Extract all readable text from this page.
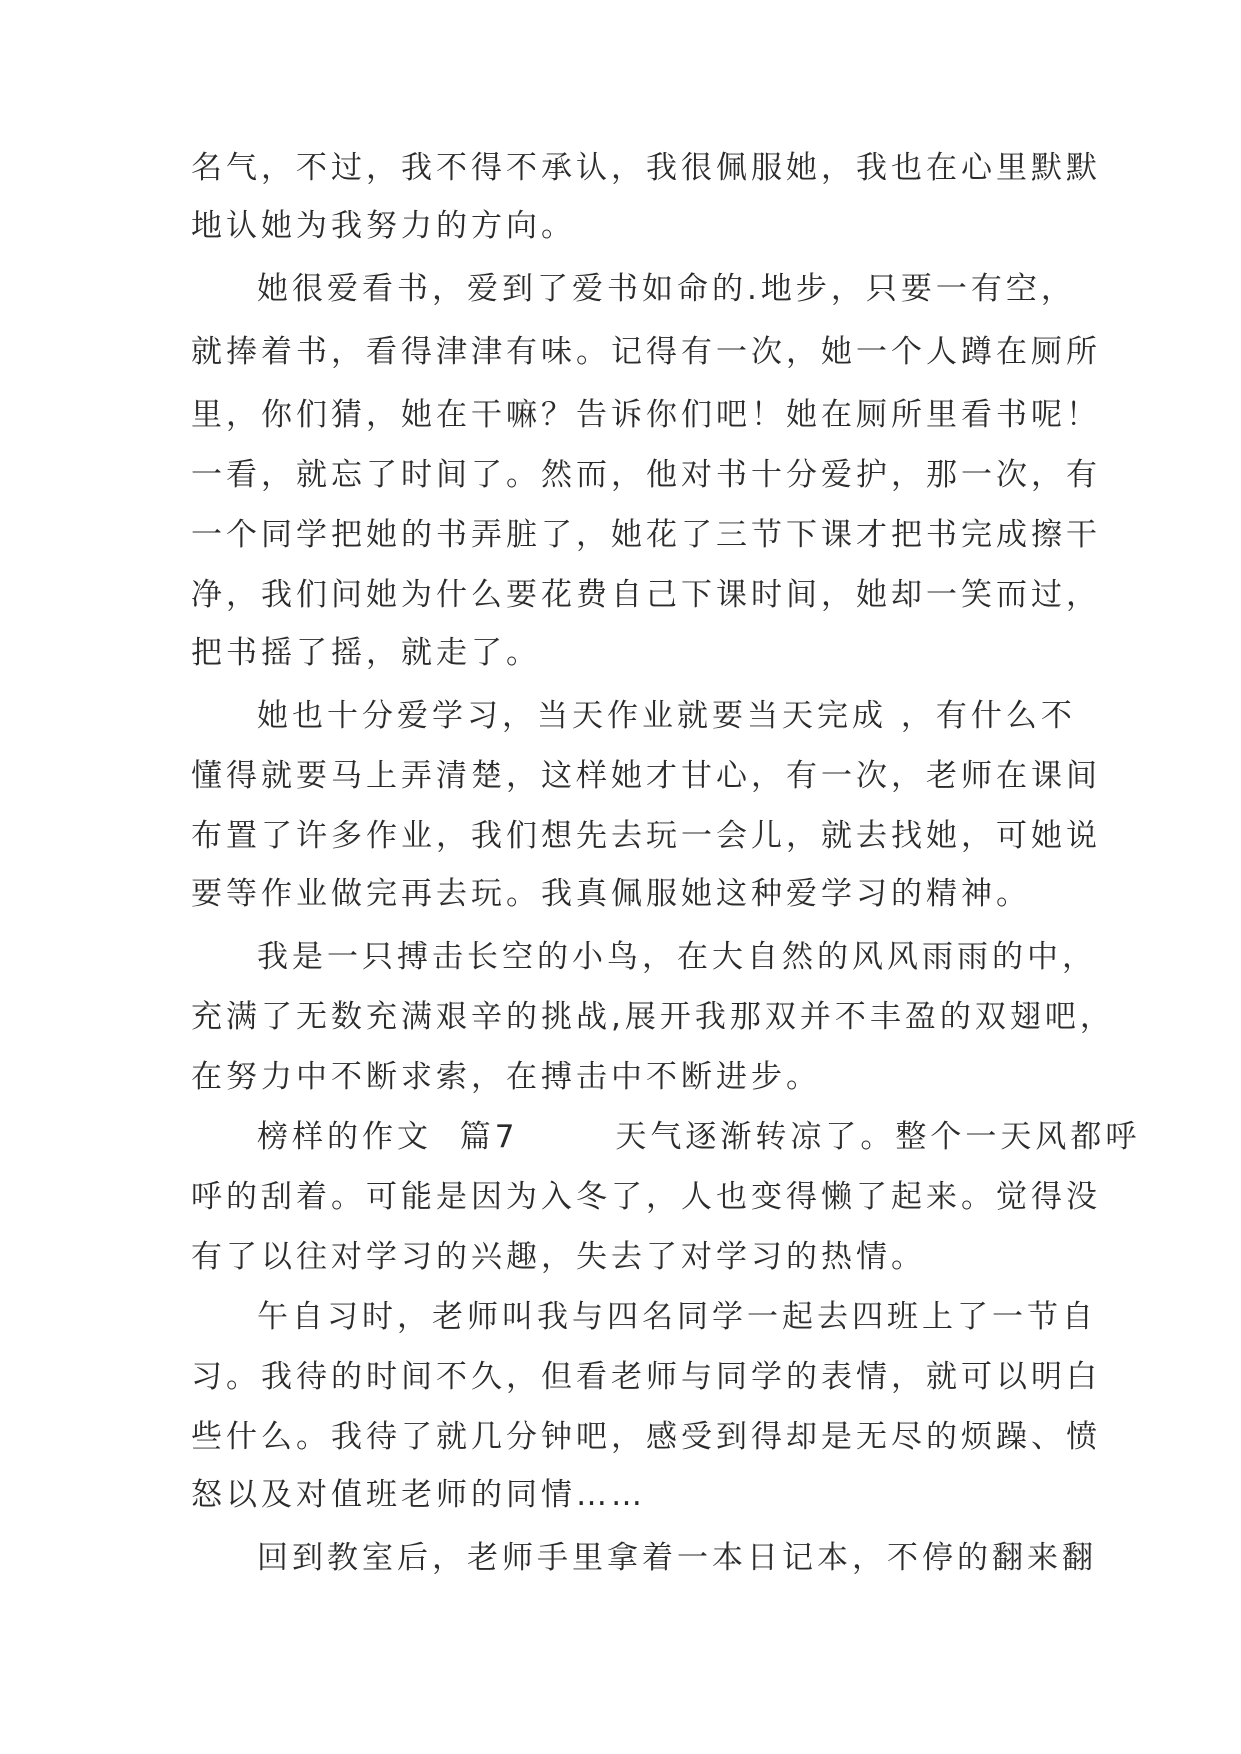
名气，不过，我不得不承认，我很佩服她，我也在心里默默
地认她为我努力的方向。
她很爱看书，爱到了爱书如命的.地步，只要一有空，
就捧着书，看得津津有味。记得有一次，她一个人蹲在厕所
里，你们猜，她在干嘛？告诉你们吧！她在厕所里看书呢！
一看，就忘了时间了。然而，他对书十分爱护，那一次，有
一个同学把她的书弄脏了，她花了三节下课才把书完成擦干
净，我们问她为什么要花费自己下课时间，她却一笑而过，
把书摇了摇，就走了。
她也十分爱学习，当天作业就要当天完成 ，有什么不
懂得就要马上弄清楚，这样她才甘心，有一次，老师在课间
布置了许多作业，我们想先去玩一会儿，就去找她，可她说
要等作业做完再去玩。我真佩服她这种爱学习的精神。
我是一只搏击长空的小鸟，在大自然的风风雨雨的中，
充满了无数充满艰辛的挑战,展开我那双并不丰盈的双翅吧，
在努力中不断求索，在搏击中不断进步。
榜样的作文  篇7       天气逐渐转凉了。整个一天风都呼
呼的刮着。可能是因为入冬了，人也变得懒了起来。觉得没
有了以往对学习的兴趣，失去了对学习的热情。
午自习时，老师叫我与四名同学一起去四班上了一节自
习。我待的时间不久，但看老师与同学的表情，就可以明白
些什么。我待了就几分钟吧，感受到得却是无尽的烦躁、愤
怒以及对值班老师的同情……
回到教室后，老师手里拿着一本日记本，不停的翻来翻
